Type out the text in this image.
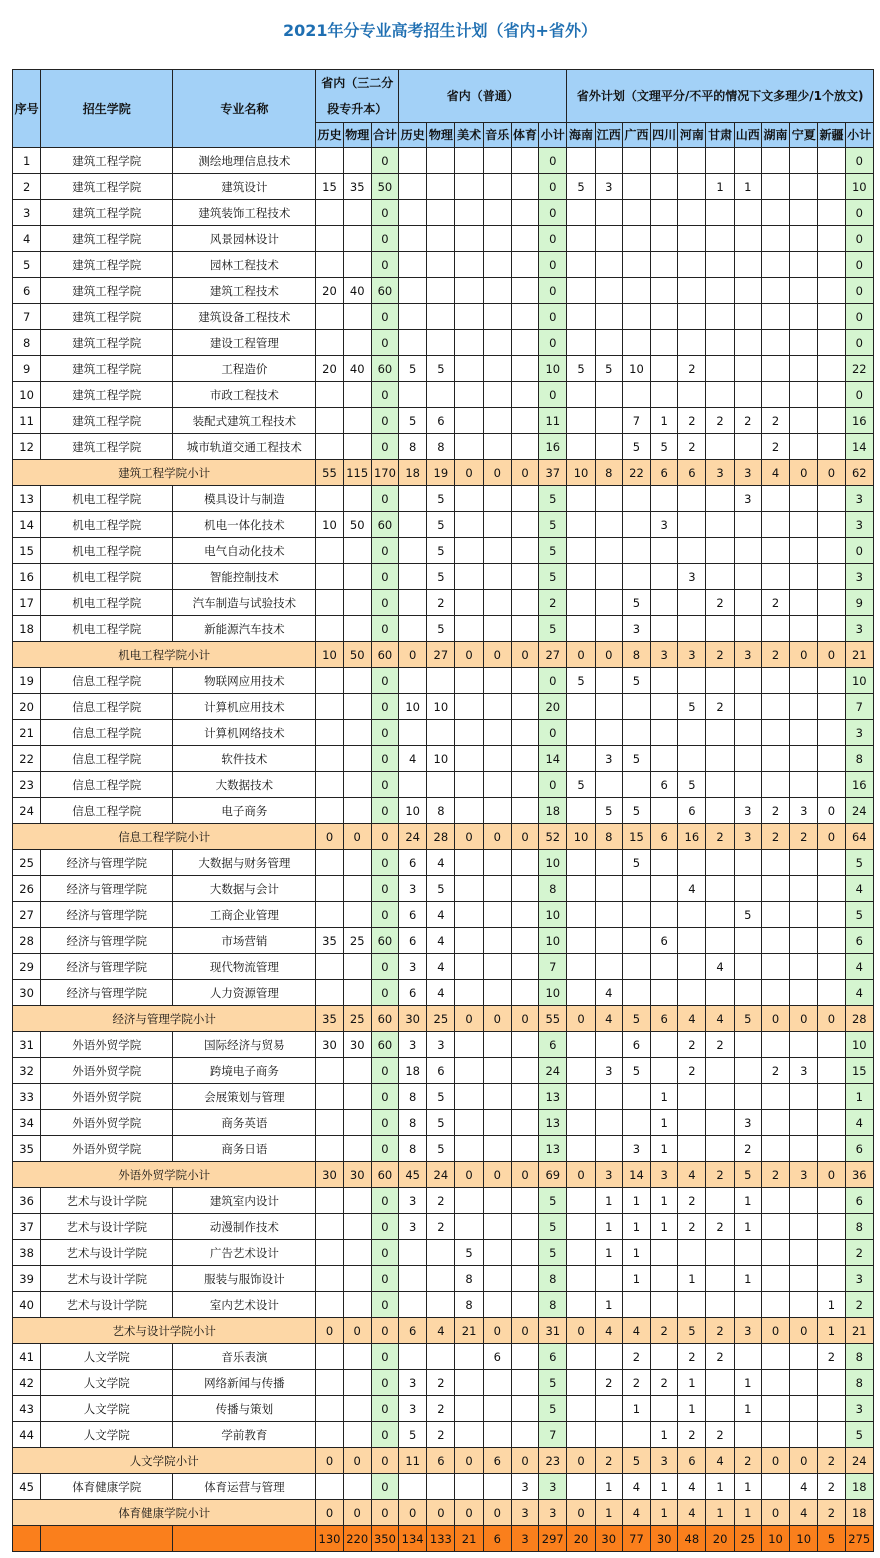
2021年分专业高考招生计划（省内+省外）
序号	招生学院	专业名称	省内（三二分段专升本）			省内（普通）						省外计划（文理平分/不平的情况下文多理少/1个放文)										

			历史	物理	合计	历史	物理	美术	音乐	体育	小计	海南	江西	广西	四川	河南	甘肃	山西	湖南	宁夏	新疆	小计
1	建筑工程学院	测绘地理信息技术			0						0											0
2	建筑工程学院	建筑设计	15	35	50						0	5	3				1	1				10
3	建筑工程学院	建筑装饰工程技术			0						0											0
4	建筑工程学院	风景园林设计			0						0											0
5	建筑工程学院	园林工程技术			0						0											0
6	建筑工程学院	建筑工程技术	20	40	60						0											0
7	建筑工程学院	建筑设备工程技术			0						0											0
8	建筑工程学院	建设工程管理			0						0											0
9	建筑工程学院	工程造价	20	40	60	5	5				10	5	5	10		2						22
10	建筑工程学院	市政工程技术			0						0											0
11	建筑工程学院	装配式建筑工程技术			0	5	6				11			7	1	2	2	2	2			16
12	建筑工程学院	城市轨道交通工程技术			0	8	8				16			5	5	2			2			14
建筑工程学院小计			55	115	170	18	19	0	0	0	37	10	8	22	6	6	3	3	4	0	0	62
13	机电工程学院	模具设计与制造			0		5				5							3				3
14	机电工程学院	机电一体化技术	10	50	60		5				5				3							3
15	机电工程学院	电气自动化技术			0		5				5											0
16	机电工程学院	智能控制技术			0		5				5					3						3
17	机电工程学院	汽车制造与试验技术			0		2				2			5			2		2			9
18	机电工程学院	新能源汽车技术			0		5				5			3								3
机电工程学院小计			10	50	60	0	27	0	0	0	27	0	0	8	3	3	2	3	2	0	0	21
19	信息工程学院	物联网应用技术			0						0	5		5								10
20	信息工程学院	计算机应用技术			0	10	10				20					5	2					7
21	信息工程学院	计算机网络技术			0						0											3
22	信息工程学院	软件技术			0	4	10				14		3	5								8
23	信息工程学院	大数据技术			0						0	5			6	5						16
24	信息工程学院	电子商务			0	10	8				18		5	5		6		3	2	3	0	24
信息工程学院小计			0	0	0	24	28	0	0	0	52	10	8	15	6	16	2	3	2	2	0	64
25	经济与管理学院	大数据与财务管理			0	6	4				10			5								5
26	经济与管理学院	大数据与会计			0	3	5				8					4						4
27	经济与管理学院	工商企业管理			0	6	4				10							5				5
28	经济与管理学院	市场营销	35	25	60	6	4				10				6							6
29	经济与管理学院	现代物流管理			0	3	4				7						4					4
30	经济与管理学院	人力资源管理			0	6	4				10		4									4
经济与管理学院小计			35	25	60	30	25	0	0	0	55	0	4	5	6	4	4	5	0	0	0	28
31	外语外贸学院	国际经济与贸易	30	30	60	3	3				6			6		2	2					10
32	外语外贸学院	跨境电子商务			0	18	6				24		3	5		2			2	3		15
33	外语外贸学院	会展策划与管理			0	8	5				13				1							1
34	外语外贸学院	商务英语			0	8	5				13				1			3				4
35	外语外贸学院	商务日语			0	8	5				13			3	1			2				6
外语外贸学院小计			30	30	60	45	24	0	0	0	69	0	3	14	3	4	2	5	2	3	0	36
36	艺术与设计学院	建筑室内设计			0	3	2				5		1	1	1	2		1				6
37	艺术与设计学院	动漫制作技术			0	3	2				5		1	1	1	2	2	1				8
38	艺术与设计学院	广告艺术设计			0			5			5		1	1								2
39	艺术与设计学院	服装与服饰设计			0			8			8			1		1		1				3
40	艺术与设计学院	室内艺术设计			0			8			8		1								1	2
艺术与设计学院小计			0	0	0	6	4	21	0	0	31	0	4	4	2	5	2	3	0	0	1	21
41	人文学院	音乐表演			0				6		6			2		2	2				2	8
42	人文学院	网络新闻与传播			0	3	2				5		2	2	2	1		1				8
43	人文学院	传播与策划			0	3	2				5			1		1		1				3
44	人文学院	学前教育			0	5	2				7				1	2	2					5
人文学院小计			0	0	0	11	6	0	6	0	23	0	2	5	3	6	4	2	0	0	2	24
45	体育健康学院	体育运营与管理			0					3	3		1	4	1	4	1	1		4	2	18
体育健康学院小计			0	0	0	0	0	0	0	3	3	0	1	4	1	4	1	1	0	4	2	18
			130	220	350	134	133	21	6	3	297	20	30	77	30	48	20	25	10	10	5	275
